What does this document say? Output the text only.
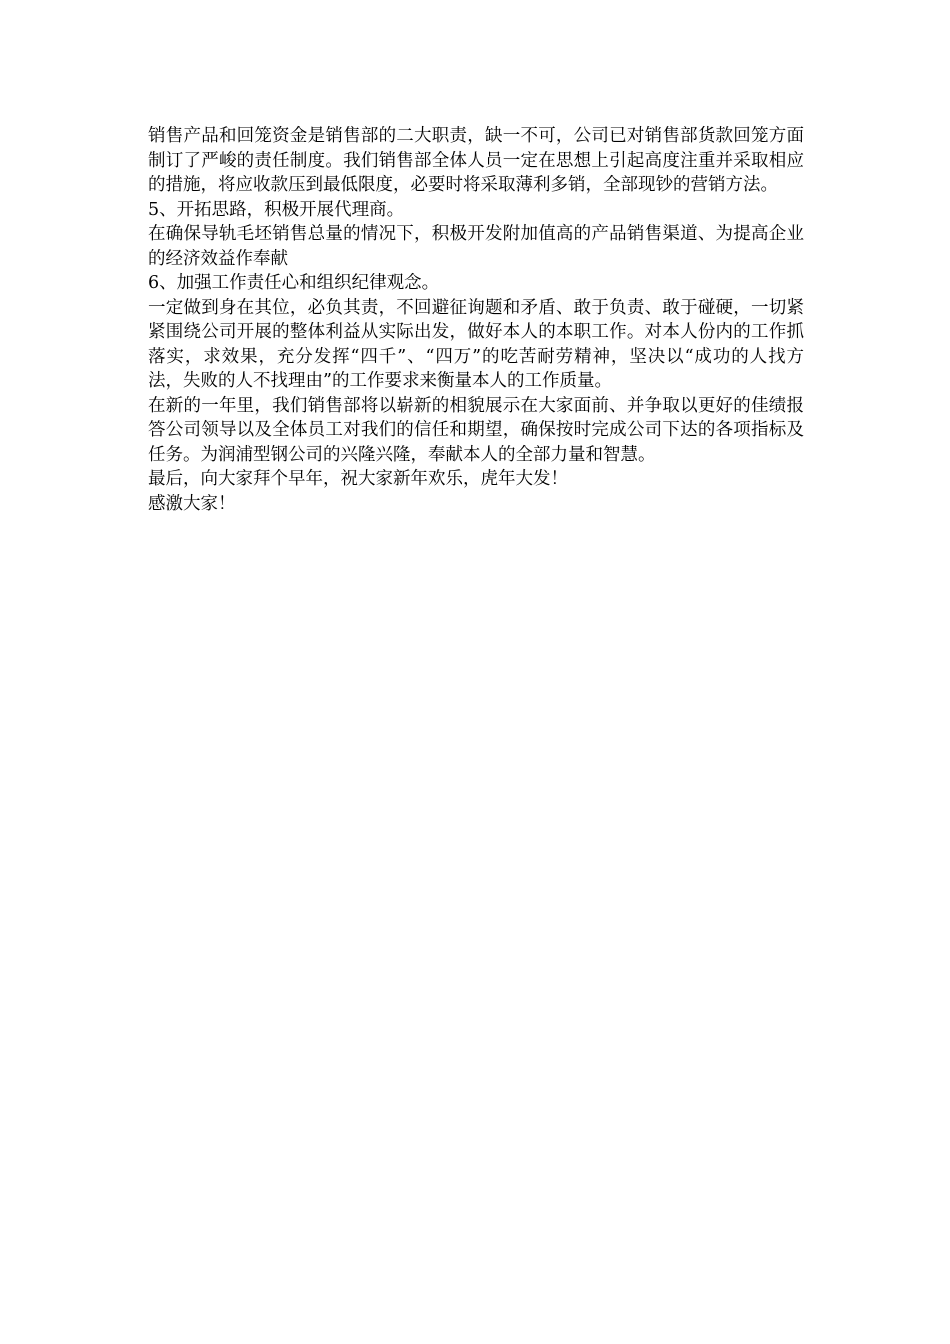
销售产品和回笼资金是销售部的二大职责，缺一不可，公司已对销售部货款回笼方面制订了严峻的责任制度。我们销售部全体人员一定在思想上引起高度注重并采取相应的措施，将应收款压到最低限度，必要时将采取薄利多销，全部现钞的营销方法。

5、开拓思路，积极开展代理商。

在确保导轨毛坯销售总量的情况下，积极开发附加值高的产品销售渠道、为提高企业的经济效益作奉献

6、加强工作责任心和组织纪律观念。

一定做到身在其位，必负其责，不回避征询题和矛盾、敢于负责、敢于碰硬，一切紧紧围绕公司开展的整体利益从实际出发，做好本人的本职工作。对本人份内的工作抓落实，求效果，充分发挥“四千”、“四万”的吃苦耐劳精神，坚决以“成功的人找方法，失败的人不找理由”的工作要求来衡量本人的工作质量。

在新的一年里，我们销售部将以崭新的相貌展示在大家面前、并争取以更好的佳绩报答公司领导以及全体员工对我们的信任和期望，确保按时完成公司下达的各项指标及任务。为润浦型钢公司的兴隆兴隆，奉献本人的全部力量和智慧。

最后，向大家拜个早年，祝大家新年欢乐，虎年大发！

感激大家！
